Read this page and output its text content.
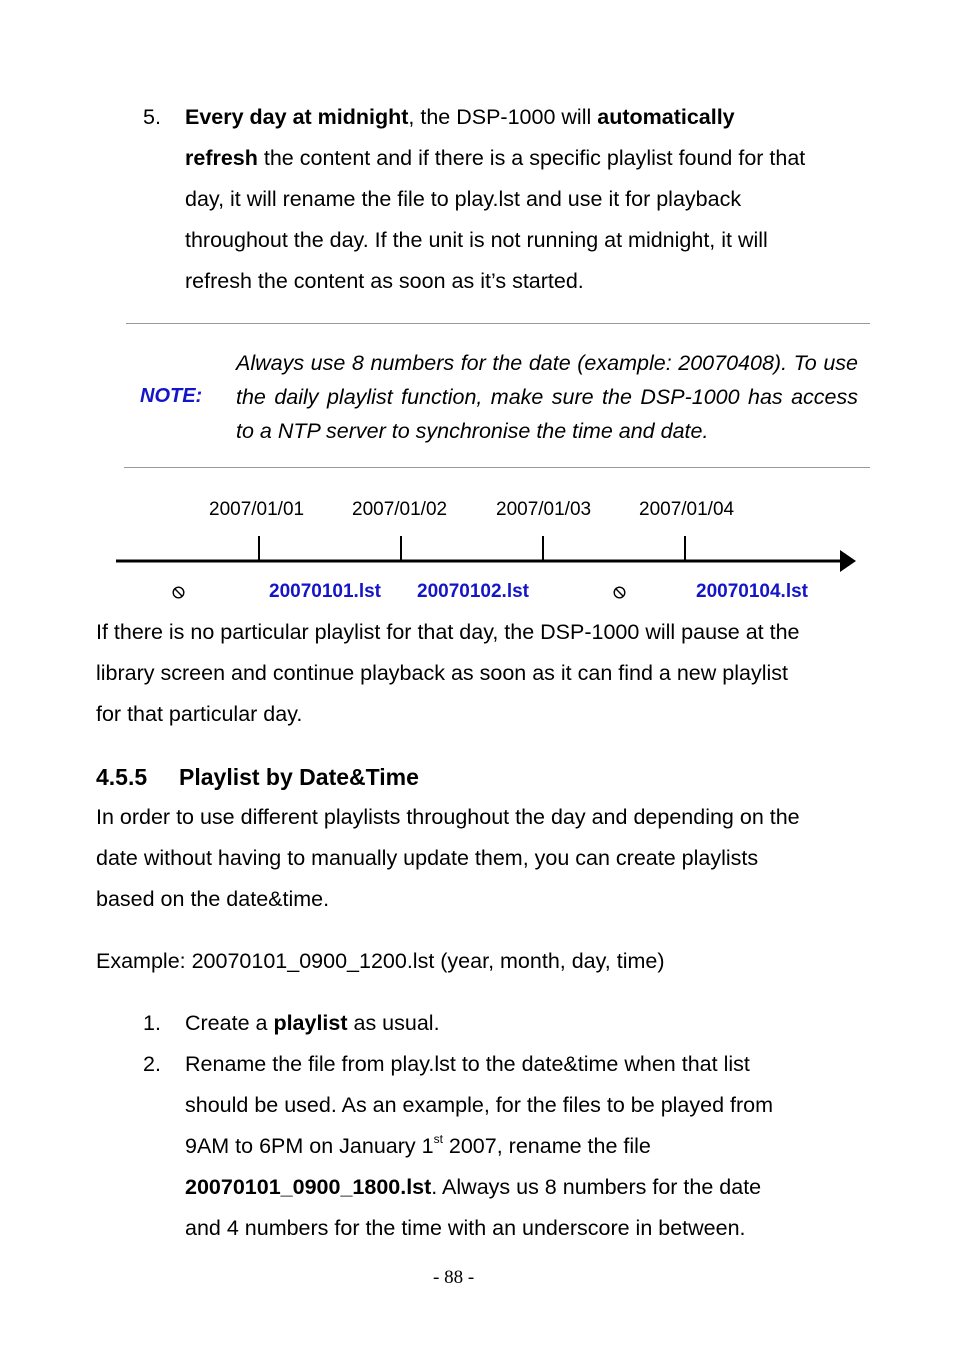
5. Every day at midnight, the DSP-1000 will automatically
refresh the content and if there is a specific playlist found for that
day, it will rename the file to play.lst and use it for playback
throughout the day. If the unit is not running at midnight, it will
refresh the content as soon as it’s started.
NOTE:
Always use 8 numbers for the date (example: 20070408). To use the daily playlist function, make sure the DSP-1000 has access to a NTP server to synchronise the time and date.
2007/01/01	2007/01/02	2007/01/03	2007/01/04
20070101.lst 20070102.lst	20070104.lst
If there is no particular playlist for that day, the DSP-1000 will pause at the
library screen and continue playback as soon as it can find a new playlist
for that particular day.
4.5.5 Playlist by Date&Time
In order to use different playlists throughout the day and depending on the
date without having to manually update them, you can create playlists
based on the date&time.
Example: 20070101_0900_1200.lst (year, month, day, time)
1. Create a playlist as usual.
2. Rename the file from play.lst to the date&time when that list
should be used. As an example, for the files to be played from
9AM to 6PM on January 1st 2007, rename the file
20070101_0900_1800.lst. Always us 8 numbers for the date
and 4 numbers for the time with an underscore in between.
- 88 -
